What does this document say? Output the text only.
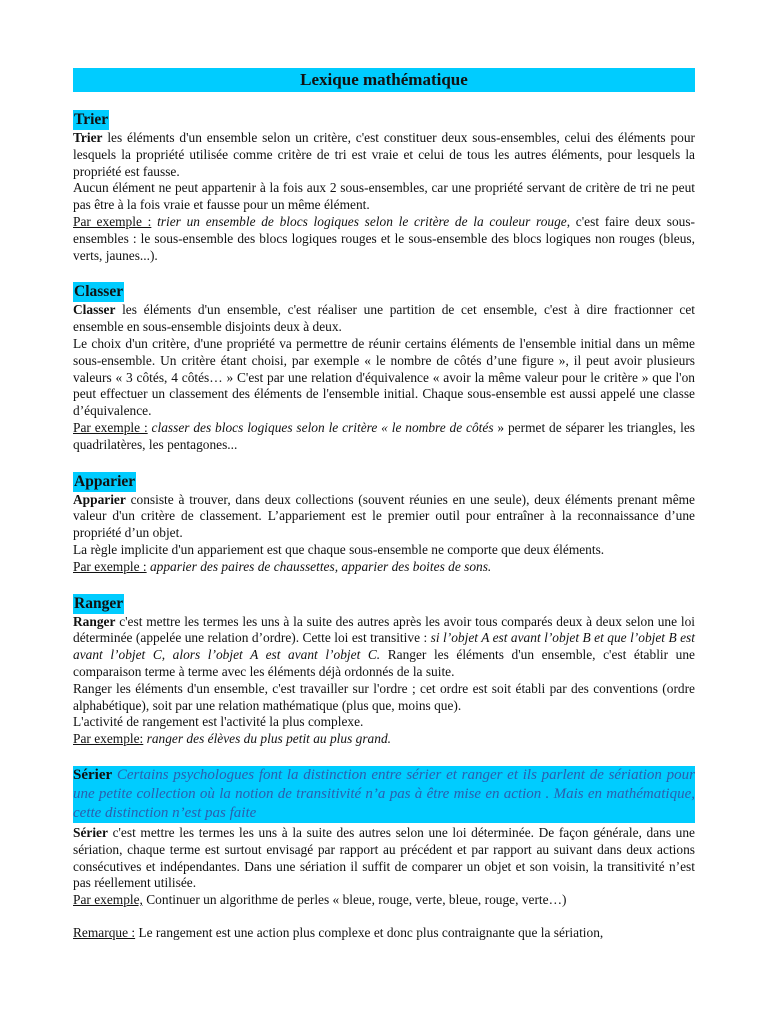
Lexique mathématique
Trier

Trier les éléments d'un ensemble selon un critère, c'est constituer deux sous-ensembles, celui des éléments pour lesquels la propriété utilisée comme critère de tri est vraie et celui de tous les autres éléments, pour lesquels la propriété est fausse.

Aucun élément ne peut appartenir à la fois aux 2 sous-ensembles, car une propriété servant de critère de tri ne peut pas être à la fois vraie et fausse pour un même élément.

Par exemple : trier un ensemble de blocs logiques selon le critère de la couleur rouge, c'est faire deux sous-ensembles : le sous-ensemble des blocs logiques rouges et le sous-ensemble des blocs logiques non rouges (bleus, verts, jaunes...).

Classer

Classer les éléments d'un ensemble, c'est réaliser une partition de cet ensemble, c'est à dire fractionner cet ensemble en sous-ensemble disjoints deux à deux.

Le choix d'un critère, d'une propriété va permettre de réunir certains éléments de l'ensemble initial dans un même sous-ensemble. Un critère étant choisi, par exemple « le nombre de côtés d’une figure », il peut avoir plusieurs valeurs « 3 côtés, 4 côtés… » C'est par une relation d'équivalence « avoir la même valeur pour le critère » que l'on peut effectuer un classement des éléments de l'ensemble initial. Chaque sous-ensemble est aussi appelé une classe d’équivalence.

Par exemple : classer des blocs logiques selon le critère « le nombre de côtés » permet de séparer les triangles, les quadrilatères, les pentagones...

Apparier

Apparier consiste à trouver, dans deux collections (souvent réunies en une seule), deux éléments prenant même valeur d'un critère de classement. L’appariement est le premier outil pour entraîner à la reconnaissance d’une propriété d’un objet.

La règle implicite d'un appariement est que chaque sous-ensemble ne comporte que deux éléments.

Par exemple : apparier des paires de chaussettes, apparier des boites de sons.

Ranger

Ranger c'est mettre les termes les uns à la suite des autres après les avoir tous comparés deux à deux selon une loi déterminée (appelée une relation d’ordre). Cette loi est transitive : si l’objet A est avant l’objet B et que l’objet B est avant l’objet C, alors l’objet A est avant l’objet C. Ranger les éléments d'un ensemble, c'est établir une comparaison terme à terme avec les éléments déjà ordonnés de la suite.

Ranger les éléments d'un ensemble, c'est travailler sur l'ordre ; cet ordre est soit établi par des conventions (ordre alphabétique), soit par une relation mathématique (plus que, moins que).

L'activité de rangement est l'activité la plus complexe.

Par exemple: ranger des élèves du plus petit au plus grand.

Sérier Certains psychologues font la distinction entre sérier et ranger et ils parlent de sériation pour une petite collection où la notion de transitivité n’a pas à être mise en action . Mais en mathématique, cette distinction n’est pas faite

Sérier c'est mettre les termes les uns à la suite des autres selon une loi déterminée. De façon générale, dans une sériation, chaque terme est surtout envisagé par rapport au précédent et par rapport au suivant dans deux actions consécutives et indépendantes. Dans une sériation il suffit de comparer un objet et son voisin, la transitivité n’est pas réellement utilisée.

Par exemple, Continuer un algorithme de perles « bleue, rouge, verte, bleue, rouge, verte…)

Remarque : Le rangement est une action plus complexe et donc plus contraignante que la sériation,
